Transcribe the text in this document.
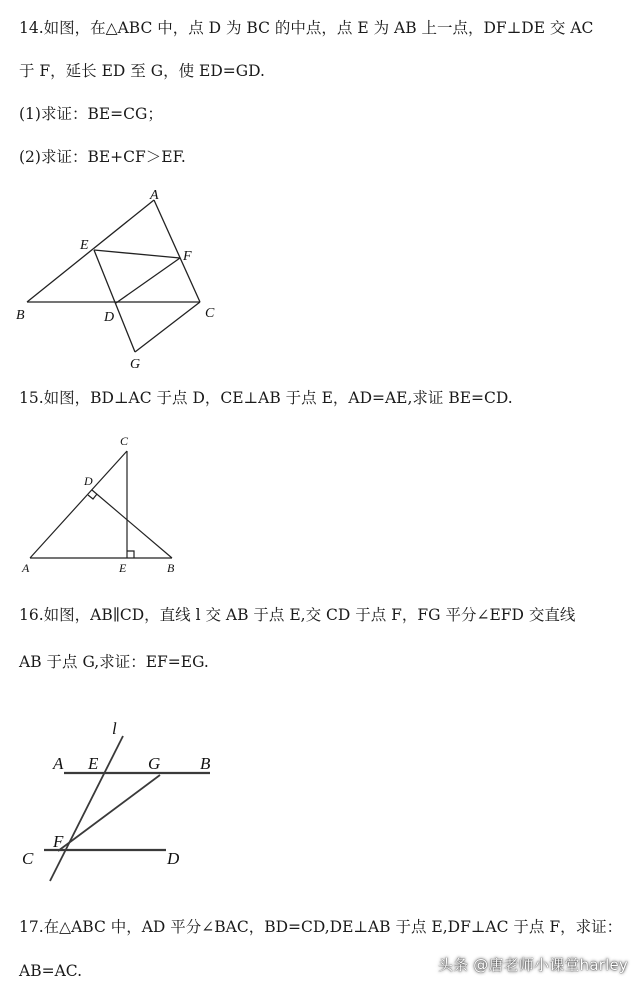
14.如图，在△ABC 中，点 D 为 BC 的中点，点 E 为 AB 上一点，DF⊥DE 交 AC
于 F，延长 ED 至 G，使 ED=GD.
(1)求证：BE=CG；
(2)求证：BE+CF＞EF.
A
E
F
B	D	C
G
15.如图，BD⊥AC 于点 D，CE⊥AB 于点 E，AD=AE,求证 BE=CD.
C
D
A	E	B
16.如图，AB∥CD，直线 l 交 AB 于点 E,交 CD 于点 F，FG 平分∠EFD 交直线
AB 于点 G,求证：EF=EG.
l
A E	G B
F
C	D
17.在△ABC 中，AD 平分∠BAC，BD=CD,DE⊥AB 于点 E,DF⊥AC 于点 F，求证：
AB=AC.	头条 @唐老师小课堂harley
